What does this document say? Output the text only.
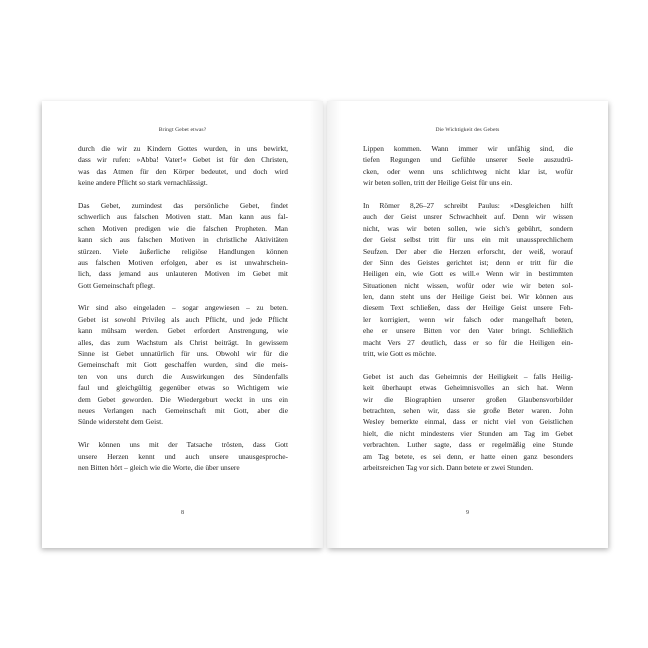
Bringt Gebet etwas?
durch die wir zu Kindern Gottes wurden, in uns bewirkt,
dass wir rufen: »Abba! Vater!« Gebet ist für den Christen,
was das Atmen für den Körper bedeutet, und doch wird
keine andere Pflicht so stark vernachlässigt.
Das Gebet, zumindest das persönliche Gebet, findet
schwerlich aus falschen Motiven statt. Man kann aus fal-
schen Motiven predigen wie die falschen Propheten. Man
kann sich aus falschen Motiven in christliche Aktivitäten
stürzen. Viele äußerliche religiöse Handlungen können
aus falschen Motiven erfolgen, aber es ist unwahrschein-
lich, dass jemand aus unlauteren Motiven im Gebet mit
Gott Gemeinschaft pflegt.
Wir sind also eingeladen – sogar angewiesen – zu beten.
Gebet ist sowohl Privileg als auch Pflicht, und jede Pflicht
kann mühsam werden. Gebet erfordert Anstrengung, wie
alles, das zum Wachstum als Christ beiträgt. In gewissem
Sinne ist Gebet unnatürlich für uns. Obwohl wir für die
Gemeinschaft mit Gott geschaffen wurden, sind die meis-
ten von uns durch die Auswirkungen des Sündenfalls
faul und gleichgültig gegenüber etwas so Wichtigem wie
dem Gebet geworden. Die Wiedergeburt weckt in uns ein
neues Verlangen nach Gemeinschaft mit Gott, aber die
Sünde widersteht dem Geist.
Wir können uns mit der Tatsache trösten, dass Gott
unsere Herzen kennt und auch unsere unausgesproche-
nen Bitten hört – gleich wie die Worte, die über unsere
8
Die Wichtigkeit des Gebets
Lippen kommen. Wann immer wir unfähig sind, die
tiefen Regungen und Gefühle unserer Seele auszudrü-
cken, oder wenn uns schlichtweg nicht klar ist, wofür
wir beten sollen, tritt der Heilige Geist für uns ein.
In Römer 8,26–27 schreibt Paulus: »Desgleichen hilft
auch der Geist unsrer Schwachheit auf. Denn wir wissen
nicht, was wir beten sollen, wie sich's gebührt, sondern
der Geist selbst tritt für uns ein mit unaussprechlichem
Seufzen. Der aber die Herzen erforscht, der weiß, worauf
der Sinn des Geistes gerichtet ist; denn er tritt für die
Heiligen ein, wie Gott es will.« Wenn wir in bestimmten
Situationen nicht wissen, wofür oder wie wir beten sol-
len, dann steht uns der Heilige Geist bei. Wir können aus
diesem Text schließen, dass der Heilige Geist unsere Feh-
ler korrigiert, wenn wir falsch oder mangelhaft beten,
ehe er unsere Bitten vor den Vater bringt. Schließlich
macht Vers 27 deutlich, dass er so für die Heiligen ein-
tritt, wie Gott es möchte.
Gebet ist auch das Geheimnis der Heiligkeit – falls Heilig-
keit überhaupt etwas Geheimnisvolles an sich hat. Wenn
wir die Biographien unserer großen Glaubensvorbilder
betrachten, sehen wir, dass sie große Beter waren. John
Wesley bemerkte einmal, dass er nicht viel von Geistlichen
hielt, die nicht mindestens vier Stunden am Tag im Gebet
verbrachten. Luther sagte, dass er regelmäßig eine Stunde
am Tag betete, es sei denn, er hatte einen ganz besonders
arbeitsreichen Tag vor sich. Dann betete er zwei Stunden.
9
